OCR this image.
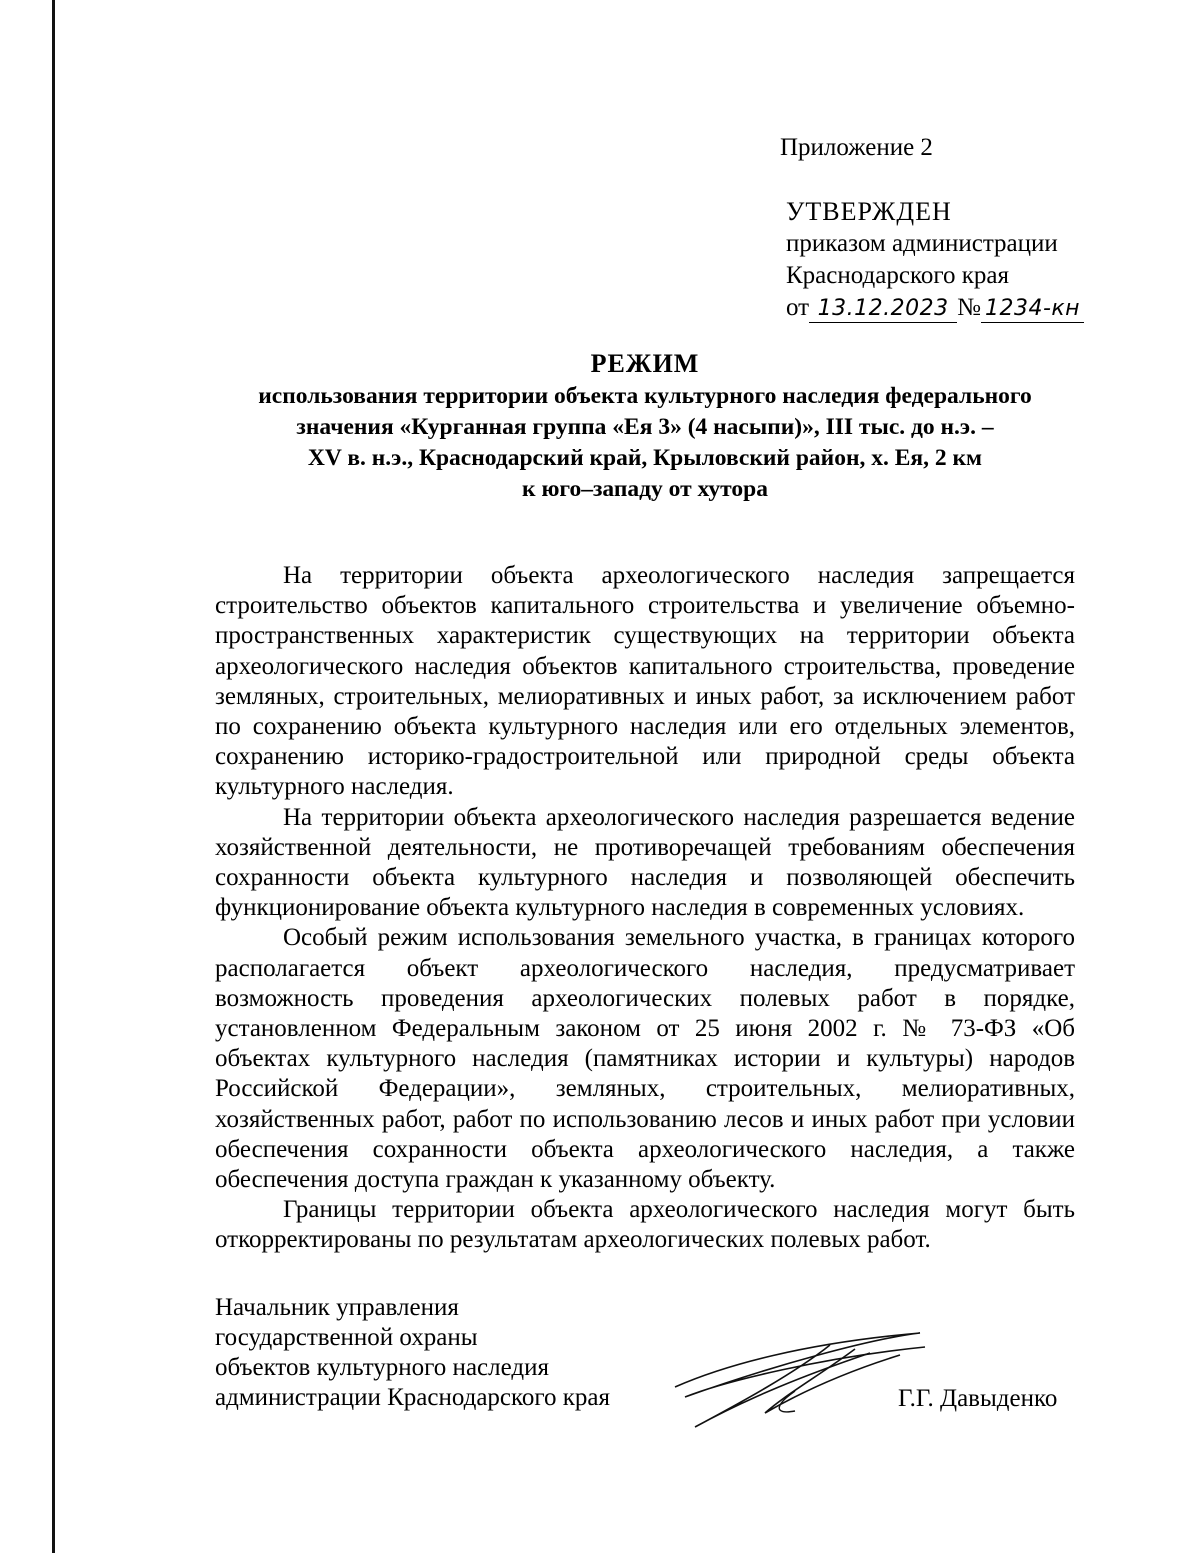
Приложение 2
УТВЕРЖДЕН
приказом администрации
Краснодарского края
от 13.12.2023 № 1234-кн
РЕЖИМ
использования территории объекта культурного наследия федерального
значения «Курганная группа «Ея 3» (4 насыпи)», III тыс. до н.э. –
XV в. н.э., Краснодарский край, Крыловский район, х. Ея, 2 км
к юго–западу от хутора

На территории объекта археологического наследия запрещается строительство объектов капитального строительства и увеличение объемно-пространственных характеристик существующих на территории объекта археологического наследия объектов капитального строительства, проведение земляных, строительных, мелиоративных и иных работ, за исключением работ по сохранению объекта культурного наследия или его отдельных элементов, сохранению историко-градостроительной или природной среды объекта культурного наследия.

На территории объекта археологического наследия разрешается ведение хозяйственной деятельности, не противоречащей требованиям обеспечения сохранности объекта культурного наследия и позволяющей обеспечить функционирование объекта культурного наследия в современных условиях.

Особый режим использования земельного участка, в границах которого располагается объект археологического наследия, предусматривает возможность проведения археологических полевых работ в порядке, установленном Федеральным законом от 25 июня 2002 г. № 73-ФЗ «Об объектах культурного наследия (памятниках истории и культуры) народов Российской Федерации», земляных, строительных, мелиоративных, хозяйственных работ, работ по использованию лесов и иных работ при условии обеспечения сохранности объекта археологического наследия, а также обеспечения доступа граждан к указанному объекту.

Границы территории объекта археологического наследия могут быть откорректированы по результатам археологических полевых работ.

Начальник управления
государственной охраны
объектов культурного наследия
администрации Краснодарского края	Г.Г. Давыденко
